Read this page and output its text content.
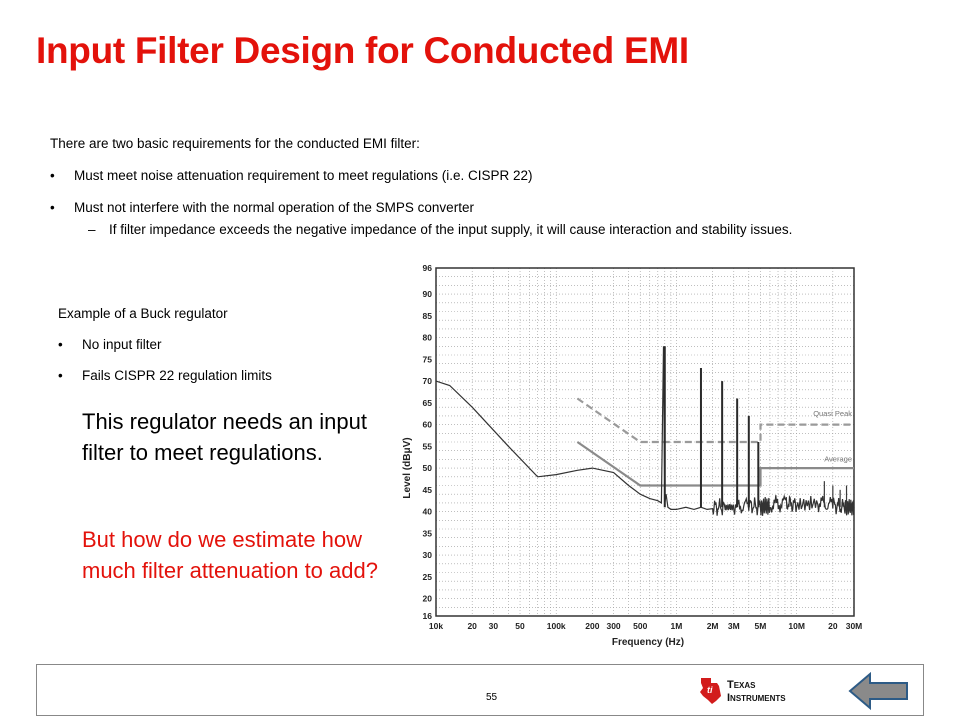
Input Filter Design for Conducted EMI
There are two basic requirements for the conducted EMI filter:
• Must meet noise attenuation requirement to meet regulations (i.e. CISPR 22)
• Must not interfere with the normal operation of the SMPS converter
– If filter impedance exceeds the negative impedance of the input supply, it will cause interaction and stability issues.
Example of a Buck regulator
• No input filter
• Fails CISPR 22 regulation limits
This regulator needs an input filter to meet regulations.
But how do we estimate how much filter attenuation to add?
16
20
25
30
35
40
45
50
55
60
65
70
75
80
85
90
96
10k	20 30 50	100k 200 300 500	1M	2M 3M 5M	10M	20 30M
Quasi Peak
Average
Level (dBμV)
Frequency (Hz)
55
ti Texas
Instruments
